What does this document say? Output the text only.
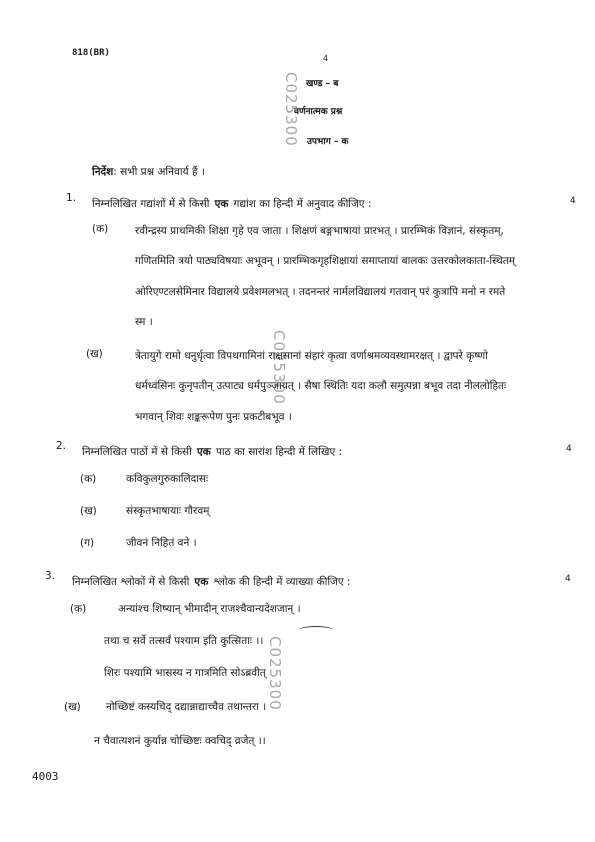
818(BR)
4
खण्ड – ब
वर्णनात्मक प्रश्न
उपभाग – क
C025300
C025300
C025300
निर्देश: सभी प्रश्न अनिवार्य हैं ।
1. निम्नलिखित गद्यांशों में से किसी एक गद्यांश का हिन्दी में अनुवाद कीजिए :	4
(क)	रवीन्द्रस्य प्राथमिकी शिक्षा गृहे एव जाता । शिक्षणं बङ्गभाषायां प्रारभत् । प्रारम्भिकं विज्ञानं, संस्कृतम्,
गणितमिति त्रयो पाठ्यविषयाः अभूवन् । प्रारम्भिकगृहशिक्षायां समाप्तायां बालकः उत्तरकोलकाता-स्थितम्
ओरिएण्टलसेमिनार विद्यालये प्रवेशमलभत् । तदनन्तरं नार्मलविद्यालयं गतवान् परं कुत्रापि मनो न रमते
स्म ।
(ख)	त्रेतायुगे रामो धनुर्धृत्वा विपथगामिनां राक्षसानां संहारं कृत्वा वर्णाश्रमव्यवस्थामरक्षत् । द्वापरे कृष्णो
धर्मध्वंसिनः कुनृपतीन् उत्पाट्य धर्मपुञ्जायत् । सैषा स्थितिः यदा कलौ समुत्पन्ना बभूव तदा नीललोहितः
भगवान् शिवः शङ्करूपेण पुनः प्रकटीबभूव ।
2. निम्नलिखित पाठों में से किसी एक पाठ का सारांश हिन्दी में लिखिए :	4
(क)	कविकुलगुरुकालिदासः
(ख)	संस्कृतभाषायाः गौरवम्
(ग)	जीवनं निहितं वने ।
3. निम्नलिखित श्लोकों में से किसी एक श्लोक की हिन्दी में व्याख्या कीजिए :	4
(क)	अन्यांश्च शिष्यान् भीमादीन् राजश्चैवान्यदेशजान् ।
तथा च सर्वे तत्सर्वं पश्याम इति कुत्सिताः ।।
शिरः पश्यामि भासस्य न गात्रमिति सोऽब्रवीत्
(ख) नोच्छिष्टं कस्यचिद् दद्यान्नाद्याच्चैव तथान्तरा ।
न चैवात्यशनं कुर्यान्न चोच्छिष्टः क्वचिद् व्रजेत् ।।
4003
